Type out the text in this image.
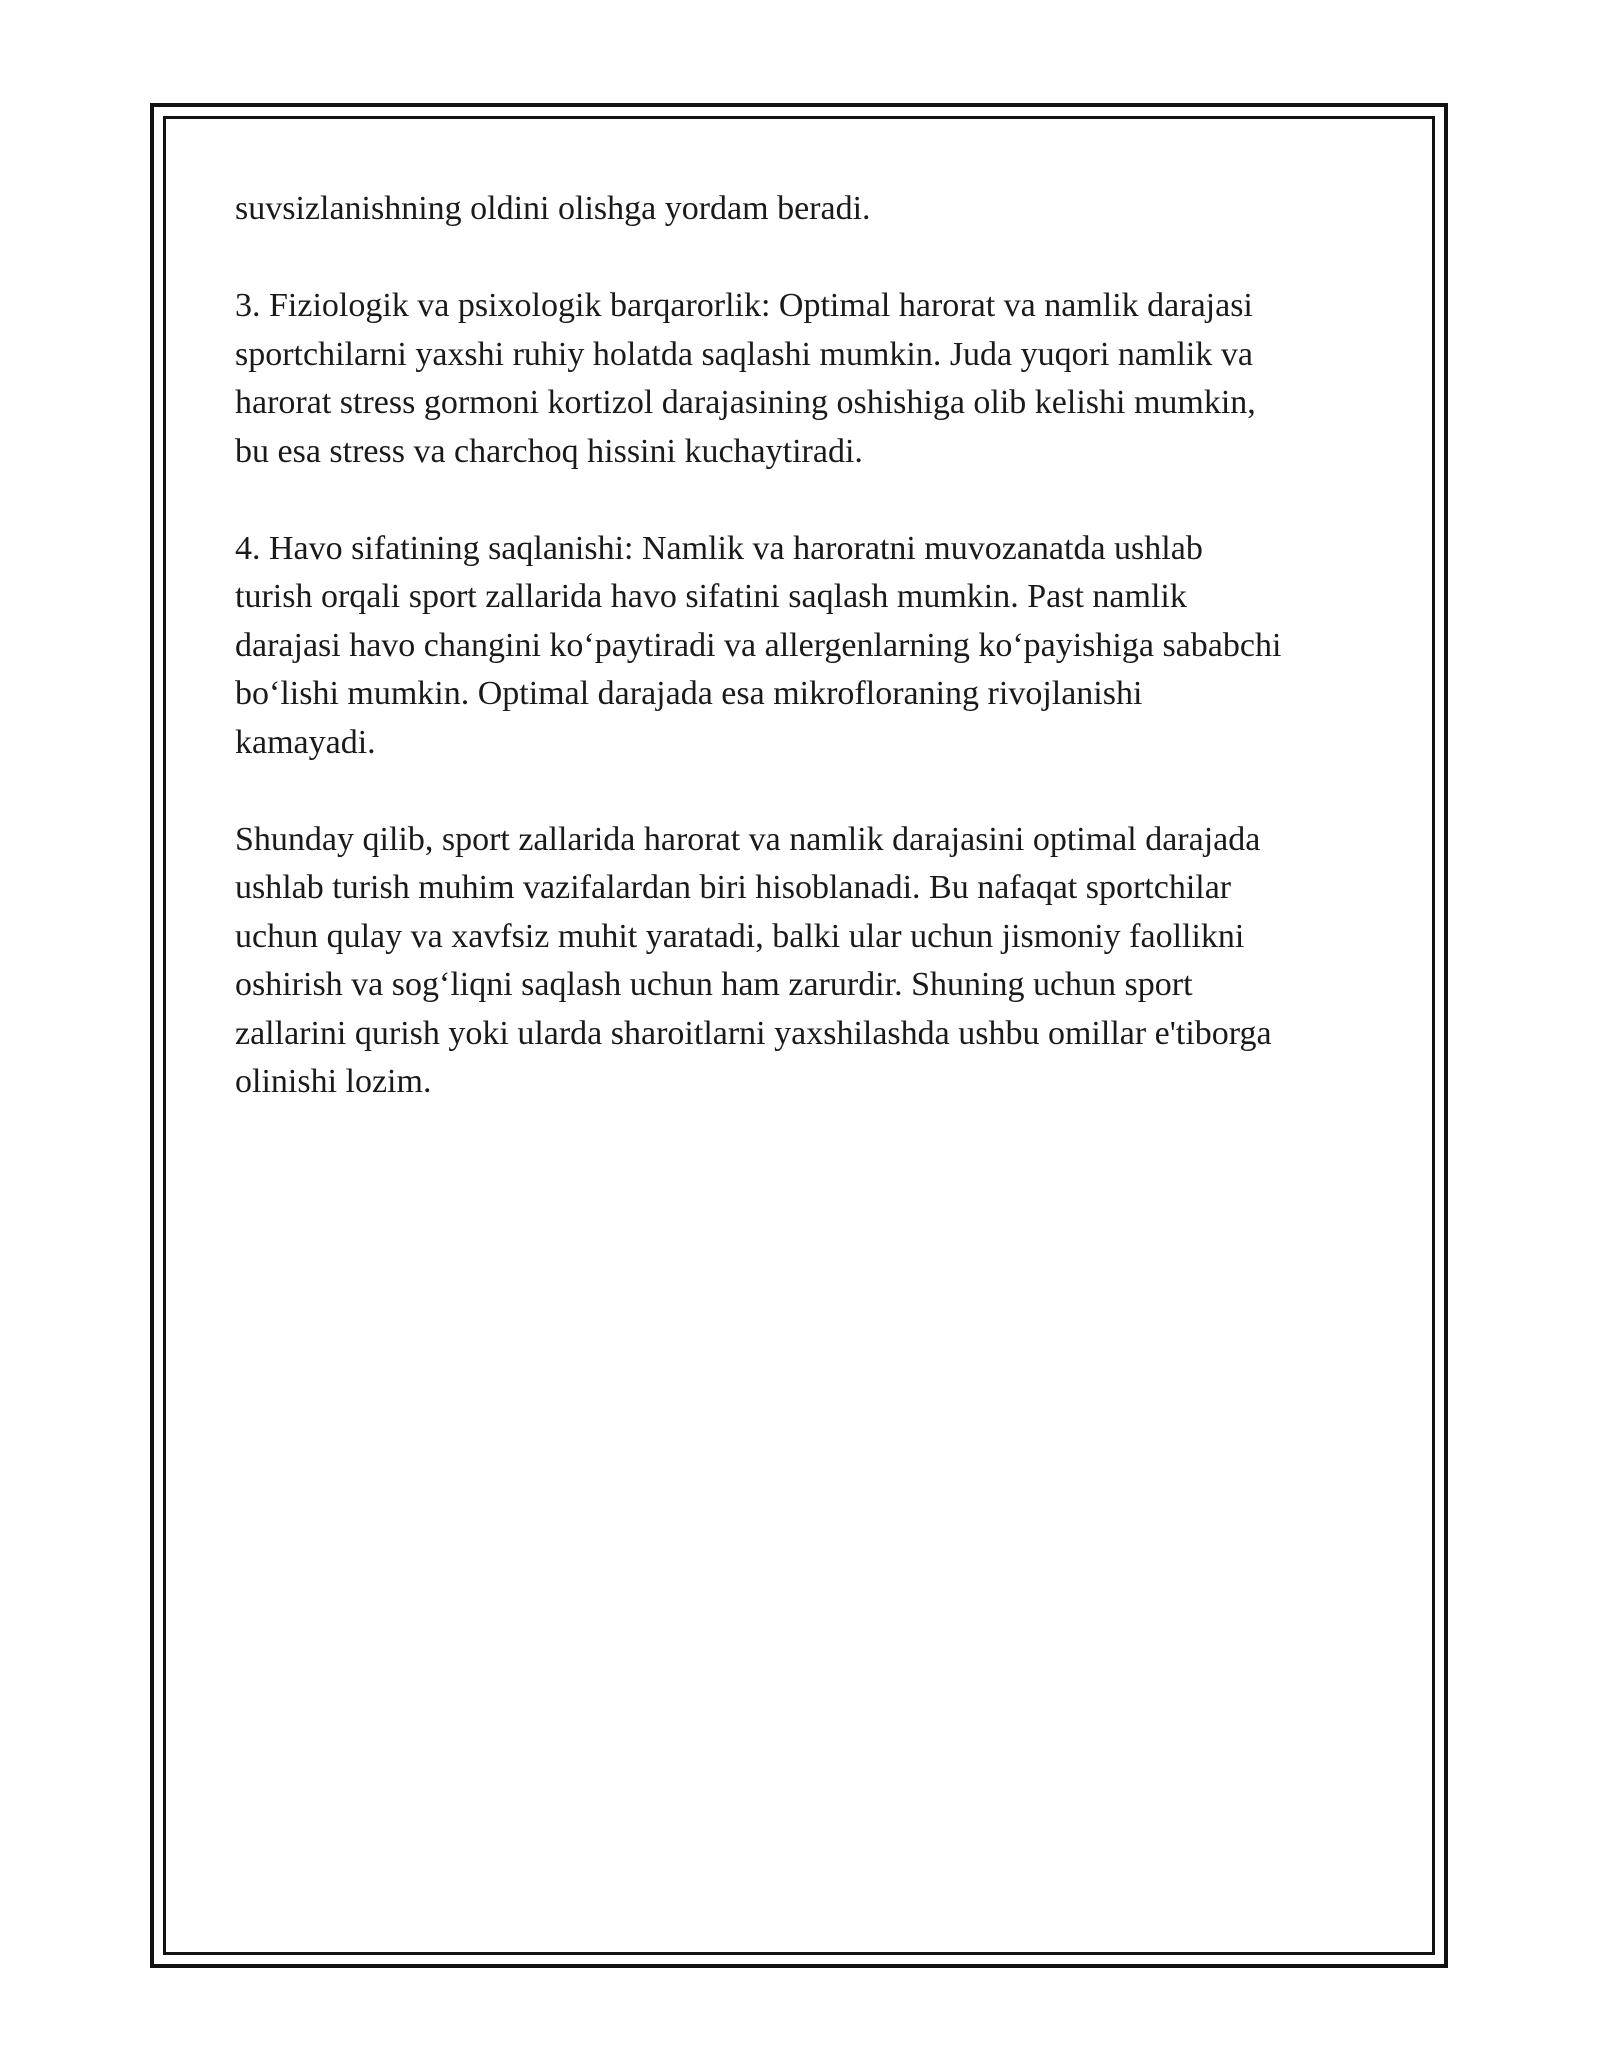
suvsizlanishning oldini olishga yordam beradi.

3. Fiziologik va psixologik barqarorlik: Optimal harorat va namlik darajasi
sportchilarni yaxshi ruhiy holatda saqlashi mumkin. Juda yuqori namlik va
harorat stress gormoni kortizol darajasining oshishiga olib kelishi mumkin,
bu esa stress va charchoq hissini kuchaytiradi.

4. Havo sifatining saqlanishi: Namlik va haroratni muvozanatda ushlab
turish orqali sport zallarida havo sifatini saqlash mumkin. Past namlik
darajasi havo changini ko‘paytiradi va allergenlarning ko‘payishiga sababchi
bo‘lishi mumkin. Optimal darajada esa mikrofloraning rivojlanishi
kamayadi.

Shunday qilib, sport zallarida harorat va namlik darajasini optimal darajada
ushlab turish muhim vazifalardan biri hisoblanadi. Bu nafaqat sportchilar
uchun qulay va xavfsiz muhit yaratadi, balki ular uchun jismoniy faollikni
oshirish va sog‘liqni saqlash uchun ham zarurdir. Shuning uchun sport
zallarini qurish yoki ularda sharoitlarni yaxshilashda ushbu omillar e'tiborga
olinishi lozim.
